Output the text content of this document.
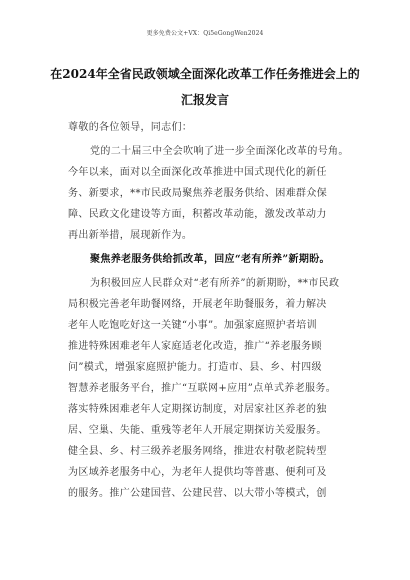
更多免费公文+VX：Qi5eGongWen2024
在2024年全省民政领域全面深化改革工作任务推进会上的
汇报发言
尊敬的各位领导，同志们：
党的二十届三中全会吹响了进一步全面深化改革的号角。
今年以来，面对以全面深化改革推进中国式现代化的新任
务、新要求，**市民政局聚焦养老服务供给、困难群众保
障、民政文化建设等方面，积蓄改革动能，激发改革动力
再出新举措，展现新作为。
聚焦养老服务供给抓改革，回应“老有所养”新期盼。
为积极回应人民群众对“老有所养”的新期盼，**市民政
局积极完善老年助餐网络，开展老年助餐服务，着力解决
老年人吃饱吃好这一关键“小事”。加强家庭照护者培训
推进特殊困难老年人家庭适老化改造，推广“养老服务顾
问”模式，增强家庭照护能力。打造市、县、乡、村四级
智慧养老服务平台，推广“互联网+应用”点单式养老服务。
落实特殊困难老年人定期探访制度，对居家社区养老的独
居、空巢、失能、重残等老年人开展定期探访关爱服务。
健全县、乡、村三级养老服务网络，推进农村敬老院转型
为区域养老服务中心，为老年人提供均等普惠、便利可及
的服务。推广公建国营、公建民营、以大带小等模式，创
